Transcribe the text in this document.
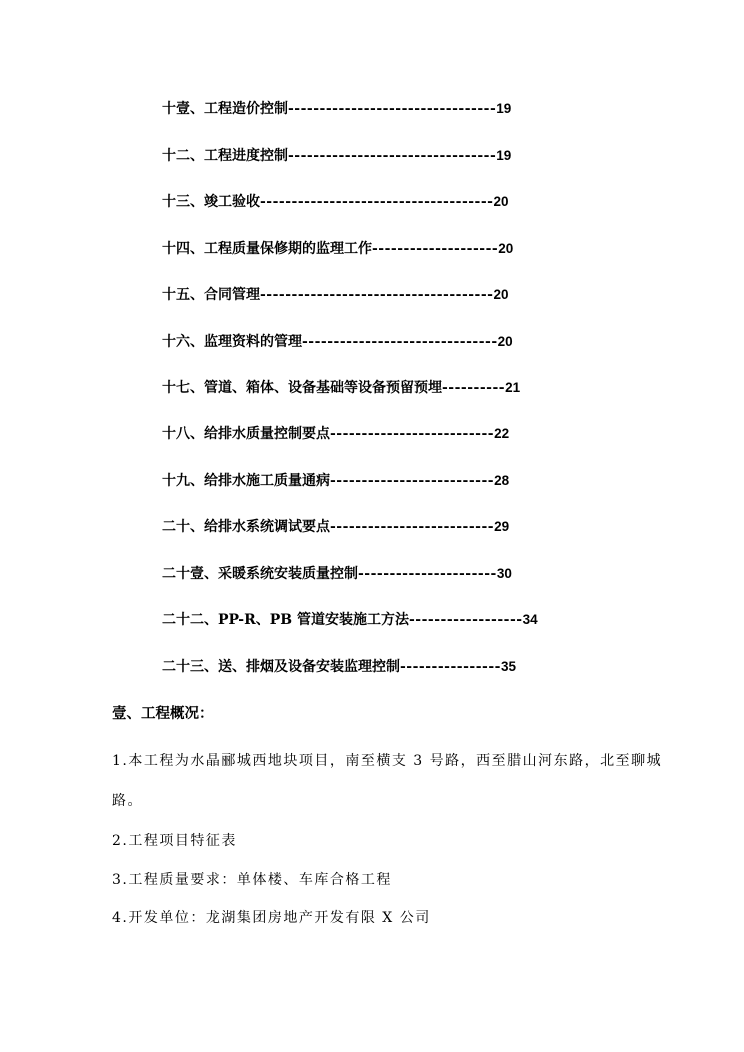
十壹、工程造价控制---------------------------------19
十二、工程进度控制---------------------------------19
十三、竣工验收-------------------------------------20
十四、工程质量保修期的监理工作--------------------20
十五、合同管理-------------------------------------20
十六、监理资料的管理-------------------------------20
十七、管道、箱体、设备基础等设备预留预埋----------21
十八、给排水质量控制要点--------------------------22
十九、给排水施工质量通病--------------------------28
二十、给排水系统调试要点--------------------------29
二十壹、采暖系统安装质量控制----------------------30
二十二、PP-R、PB 管道安装施工方法------------------34
二十三、送、排烟及设备安装监理控制----------------35
壹、工程概况：
1.本工程为水晶郦城西地块项目，南至横支 3 号路，西至腊山河东路，北至聊城
路。
2.工程项目特征表
3.工程质量要求：单体楼、车库合格工程
4.开发单位：龙湖集团房地产开发有限 X 公司
